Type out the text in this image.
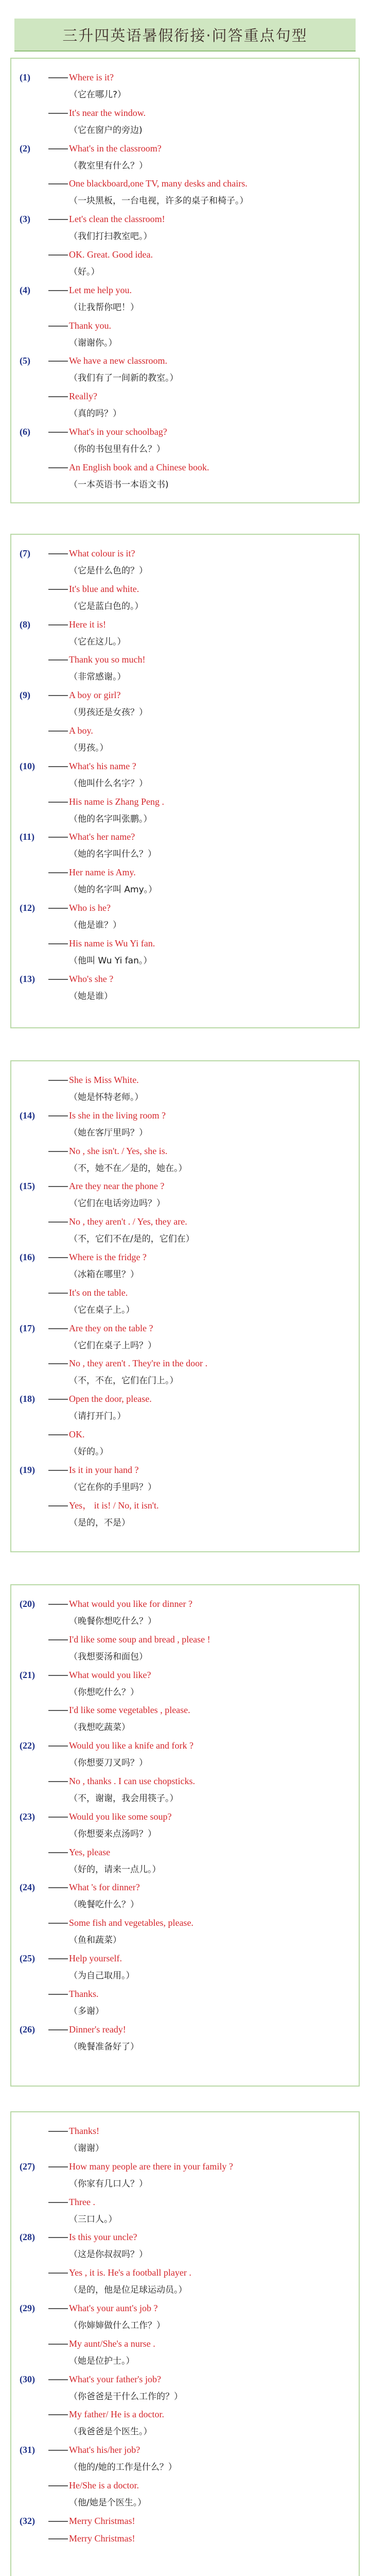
三升四英语暑假衔接·问答重点句型
(1)	Where is it?
（它在哪儿?）
It's near the window.
（它在窗户的旁边)
(2)	What's in the classroom?
（教室里有什么？）
One blackboard,one TV, many desks and chairs.
（一块黑板，一台电视，许多的桌子和椅子。）
(3)	Let's clean the classroom!
（我们打扫教室吧。）
OK. Great. Good idea.
（好。）
(4)	Let me help you.
（让我帮你吧！）
Thank you.
（谢谢你。）
(5)	We have a new classroom.
（我们有了一间新的教室。）
Really?
（真的吗？）
(6)	What's in your schoolbag?
（你的书包里有什么？）
An English book and a Chinese book.
（一本英语书一本语文书)
(7)	What colour is it?
（它是什么色的？）
It's blue and white.
（它是蓝白色的。）
(8)	Here it is!
（它在这儿。）
Thank you so much!
（非常感谢。）
(9)	A boy or girl?
（男孩还是女孩？）
A boy.
（男孩。）
(10)	What's his name ?
（他叫什么名字？）
His name is Zhang Peng .
（他的名字叫张鹏。）
(11)	What's her name?
（她的名字叫什么？）
Her name is Amy.
（她的名字叫 Amy。）
(12)	Who is he?
（他是谁？）
His name is Wu Yi fan.
（他叫 Wu Yi fan。）
(13)	Who's she ?
（她是谁）
She is Miss White.
（她是怀特老师。）
(14)	Is she in the living room ?
（她在客厅里吗？）
No , she isn't. / Yes, she is.
（不，她不在／是的，她在。）
(15)	Are they near the phone ?
（它们在电话旁边吗？）
No , they aren't . / Yes, they are.
（不，它们不在/是的，它们在）
(16)	Where is the fridge ?
（冰箱在哪里？）
It's on the table.
（它在桌子上。）
(17)	Are they on the table ?
（它们在桌子上吗？）
No , they aren't . They're in the door .
（不，不在，它们在门上。）
(18)	Open the door, please.
（请打开门。）
OK.
（好的。）
(19)	Is it in your hand ?
（它在你的手里吗？）
Yes， it is! / No, it isn't.
（是的，不是）
(20)	What would you like for dinner ?
（晚餐你想吃什么？）
I'd like some soup and bread , please !
（我想要汤和面包）
(21)	What would you like?
（你想吃什么？）
I'd like some vegetables , please.
（我想吃蔬菜）
(22)	Would you like a knife and fork ?
（你想要刀叉吗？）
No , thanks . I can use chopsticks.
（不，谢谢，我会用筷子。）
(23)	Would you like some soup?
（你想要来点汤吗？）
Yes, please
（好的，请来一点儿。）
(24)	What 's for dinner?
（晚餐吃什么？）
Some fish and vegetables, please.
（鱼和蔬菜）
(25)	Help yourself.
（为自己取用。）
Thanks.
（多谢）
(26)	Dinner's ready!
（晚餐准备好了）
Thanks!
（谢谢）
(27)	How many people are there in your family ?
（你家有几口人？）
Three .
（三口人。）
(28)	Is this your uncle?
（这是你叔叔吗？）
Yes , it is. He's a football player .
（是的，他是位足球运动员。）
(29)	What's your aunt's job ?
（你婶婶做什么工作？）
My aunt/She's a nurse .
（她是位护士。）
(30)	What's your father's job?
（你爸爸是干什么工作的？）
My father/ He is a doctor.
（我爸爸是个医生。）
(31)	What's his/her job?
（他的/她的工作是什么？）
He/She is a doctor.
（他/她是个医生。）
(32)	Merry Christmas!
Merry Christmas!
